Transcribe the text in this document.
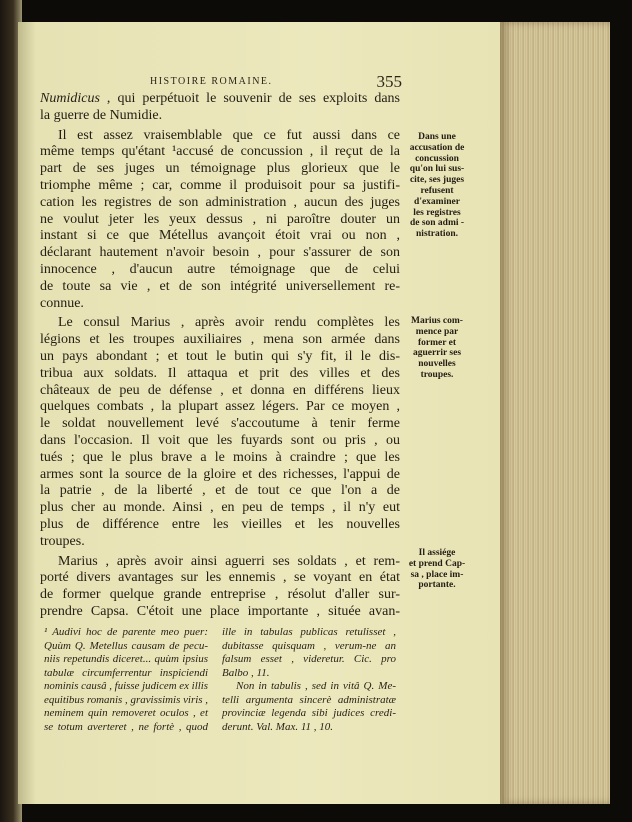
HISTOIRE ROMAINE.	355
Numidicus , qui perpétuoit le souvenir de ses exploits dans
la guerre de Numidie.
Il est assez vraisemblable que ce fut aussi dans ce
même temps qu'étant ¹accusé de concussion , il reçut de la
part de ses juges un témoignage plus glorieux que le
triomphe même ; car, comme il produisoit pour sa justifi-
cation les registres de son administration , aucun des juges
ne voulut jeter les yeux dessus , ni paroître douter un
instant si ce que Métellus avançoit étoit vrai ou non ,
déclarant hautement n'avoir besoin , pour s'assurer de son
innocence , d'aucun autre témoignage que de celui
de toute sa vie , et de son intégrité universellement re-
connue.
Le consul Marius , après avoir rendu complètes les
légions et les troupes auxiliaires , mena son armée dans
un pays abondant ; et tout le butin qui s'y fit, il le dis-
tribua aux soldats. Il attaqua et prit des villes et des
châteaux de peu de défense , et donna en différens lieux
quelques combats , la plupart assez légers. Par ce moyen ,
le soldat nouvellement levé s'accoutume à tenir ferme
dans l'occasion. Il voit que les fuyards sont ou pris , ou
tués ; que le plus brave a le moins à craindre ; que les
armes sont la source de la gloire et des richesses, l'appui de
la patrie , de la liberté , et de tout ce que l'on a de
plus cher au monde. Ainsi , en peu de temps , il n'y eut
plus de différence entre les vieilles et les nouvelles
troupes.
Marius , après avoir ainsi aguerri ses soldats , et rem-
porté divers avantages sur les ennemis , se voyant en état
de former quelque grande entreprise , résolut d'aller sur-
prendre Capsa. C'étoit une place importante , située avan-
Dans une
accusation de
concussion
qu'on lui sus-
cite, ses juges
refusent
d'examiner
les registres
de son admi -
nistration.
Marius com-
mence par
former et
aguerrir ses
nouvelles
troupes.
Il assiége
et prend Cap-
sa , place im-
portante.
¹ Audivi hoc de parente meo puer:
Quùm Q. Metellus causam de pecu-
niis repetundis diceret... quùm ipsius
tabulæ circumferrentur inspiciendi
nominis causâ , fuisse judicem ex illis
equitibus romanis , gravissimis viris ,
neminem quin removeret oculos , et
se totum averteret , ne fortè , quod
ille in tabulas publicas retulisset ,
dubitasse quisquam , verum-ne an
falsum esset , videretur. Cic. pro
Balbo , 11.
Non in tabulis , sed in vitâ Q. Me-
telli argumenta sincerè administratæ
provinciæ legenda sibi judices credi-
derunt. Val. Max. 11 , 10.
